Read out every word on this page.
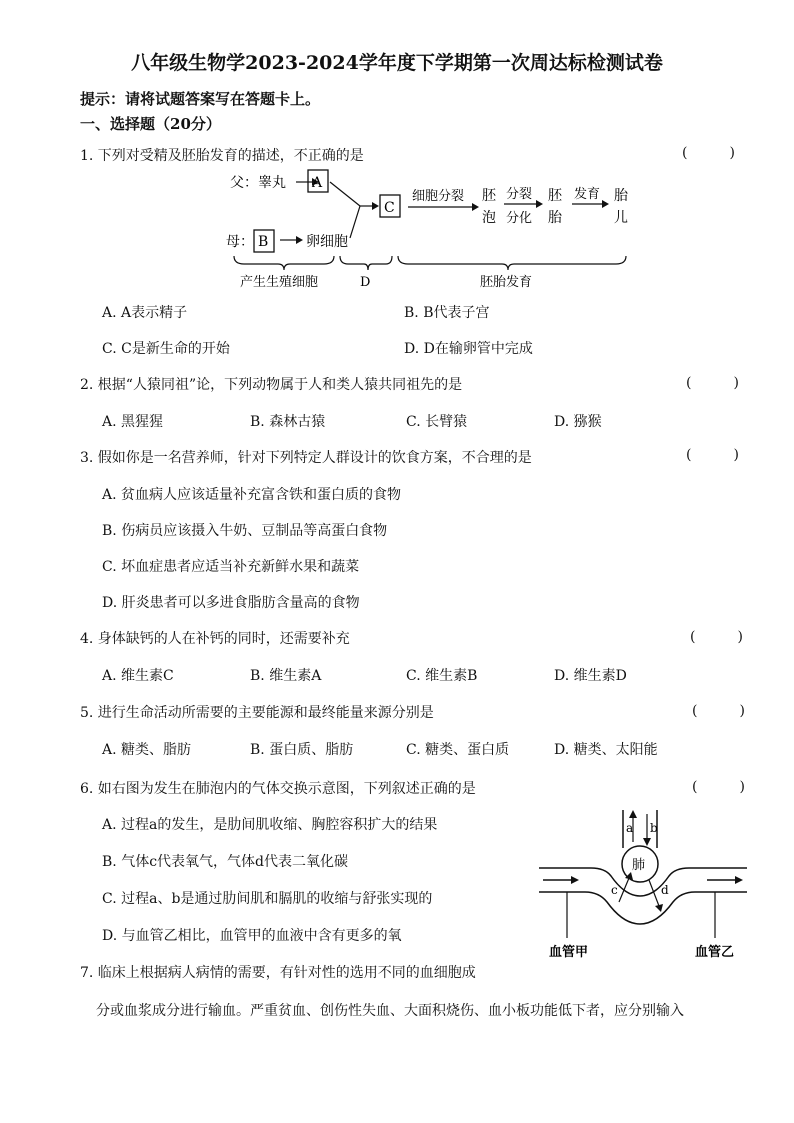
八年级生物学2023-2024学年度下学期第一次周达标检测试卷
提示：请将试题答案写在答题卡上。
一、选择题（20分）
1. 下列对受精及胚胎发育的描述，不正确的是	(　　　)
父：睾丸 A
母： B	卵细胞
C
细胞分裂 胚
泡
分裂
分化
胚
胎
发育 胎
儿
产生生殖细胞	D	胚胎发育
A. A表示精子	B. B代表子宫
C. C是新生命的开始	D. D在输卵管中完成
2. 根据“人猿同祖”论，下列动物属于人和类人猿共同祖先的是	(　　　)
A. 黑猩猩	B. 森林古猿	C. 长臂猿	D. 猕猴
3. 假如你是一名营养师，针对下列特定人群设计的饮食方案，不合理的是	(　　　)
A. 贫血病人应该适量补充富含铁和蛋白质的食物
B. 伤病员应该摄入牛奶、豆制品等高蛋白食物
C. 坏血症患者应适当补充新鲜水果和蔬菜
D. 肝炎患者可以多进食脂肪含量高的食物
4. 身体缺钙的人在补钙的同时，还需要补充	(　　　)
A. 维生素C	B. 维生素A	C. 维生素B	D. 维生素D
5. 进行生命活动所需要的主要能源和最终能量来源分别是	(　　　)
A. 糖类、脂肪	B. 蛋白质、脂肪	C. 糖类、蛋白质	D. 糖类、太阳能
6. 如右图为发生在肺泡内的气体交换示意图，下列叙述正确的是	(　　　)
A. 过程a的发生，是肋间肌收缩、胸腔容积扩大的结果
B. 气体c代表氧气，气体d代表二氧化碳
C. 过程a、b是通过肋间肌和膈肌的收缩与舒张实现的
D. 与血管乙相比，血管甲的血液中含有更多的氧
a b
肺
c	d
血管甲	血管乙
7. 临床上根据病人病情的需要，有针对性的选用不同的血细胞成
分或血浆成分进行输血。严重贫血、创伤性失血、大面积烧伤、血小板功能低下者，应分别输入
